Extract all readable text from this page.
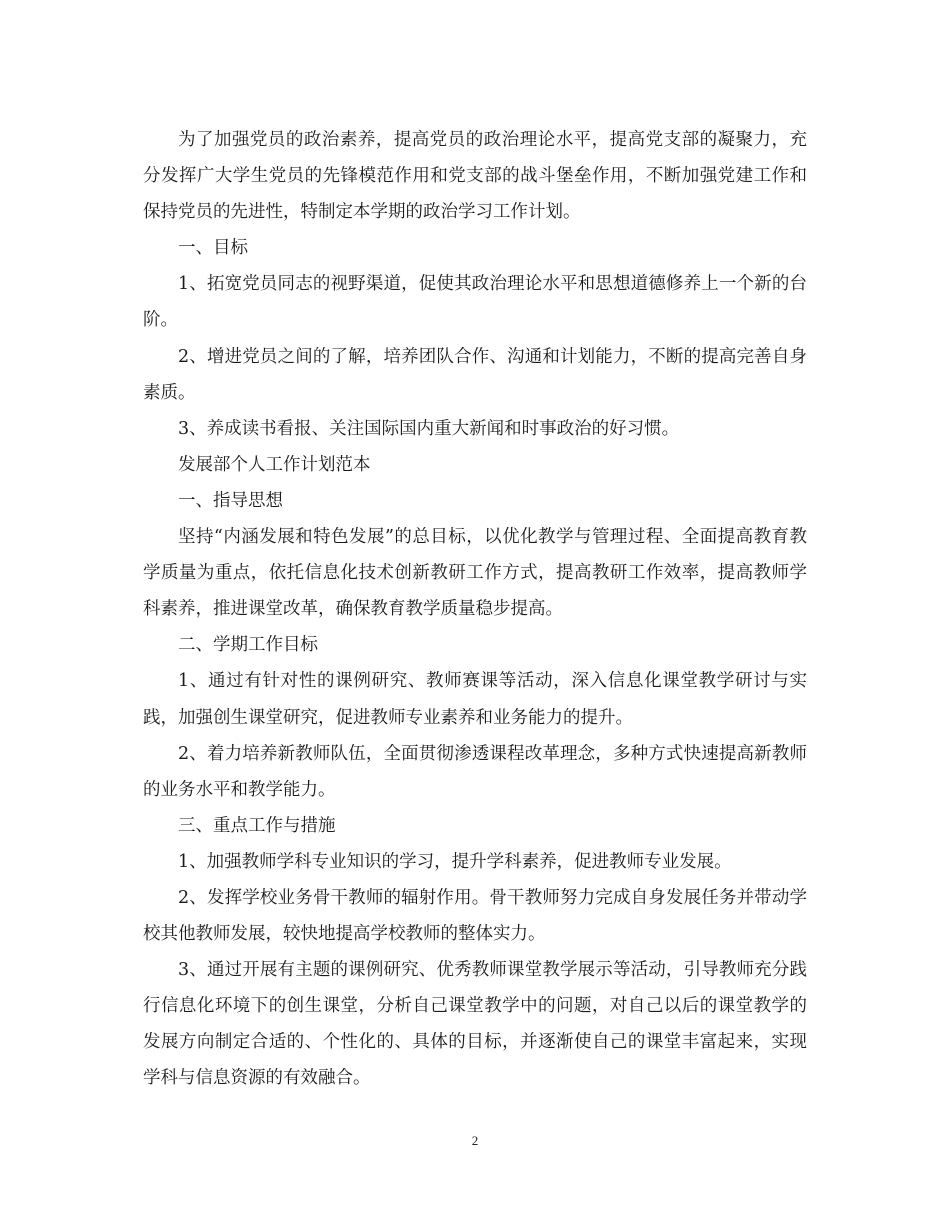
为了加强党员的政治素养，提高党员的政治理论水平，提高党支部的凝聚力，充分发挥广大学生党员的先锋模范作用和党支部的战斗堡垒作用，不断加强党建工作和保持党员的先进性，特制定本学期的政治学习工作计划。

一、目标

1、拓宽党员同志的视野渠道，促使其政治理论水平和思想道德修养上一个新的台阶。

2、增进党员之间的了解，培养团队合作、沟通和计划能力，不断的提高完善自身素质。

3、养成读书看报、关注国际国内重大新闻和时事政治的好习惯。

发展部个人工作计划范本

一、指导思想

坚持“内涵发展和特色发展”的总目标，以优化教学与管理过程、全面提高教育教学质量为重点，依托信息化技术创新教研工作方式，提高教研工作效率，提高教师学科素养，推进课堂改革，确保教育教学质量稳步提高。

二、学期工作目标

1、通过有针对性的课例研究、教师赛课等活动，深入信息化课堂教学研讨与实践，加强创生课堂研究，促进教师专业素养和业务能力的提升。

2、着力培养新教师队伍，全面贯彻渗透课程改革理念，多种方式快速提高新教师的业务水平和教学能力。

三、重点工作与措施

1、加强教师学科专业知识的学习，提升学科素养，促进教师专业发展。

2、发挥学校业务骨干教师的辐射作用。骨干教师努力完成自身发展任务并带动学校其他教师发展，较快地提高学校教师的整体实力。

3、通过开展有主题的课例研究、优秀教师课堂教学展示等活动，引导教师充分践行信息化环境下的创生课堂，分析自己课堂教学中的问题，对自己以后的课堂教学的发展方向制定合适的、个性化的、具体的目标，并逐渐使自己的课堂丰富起来，实现学科与信息资源的有效融合。

2
